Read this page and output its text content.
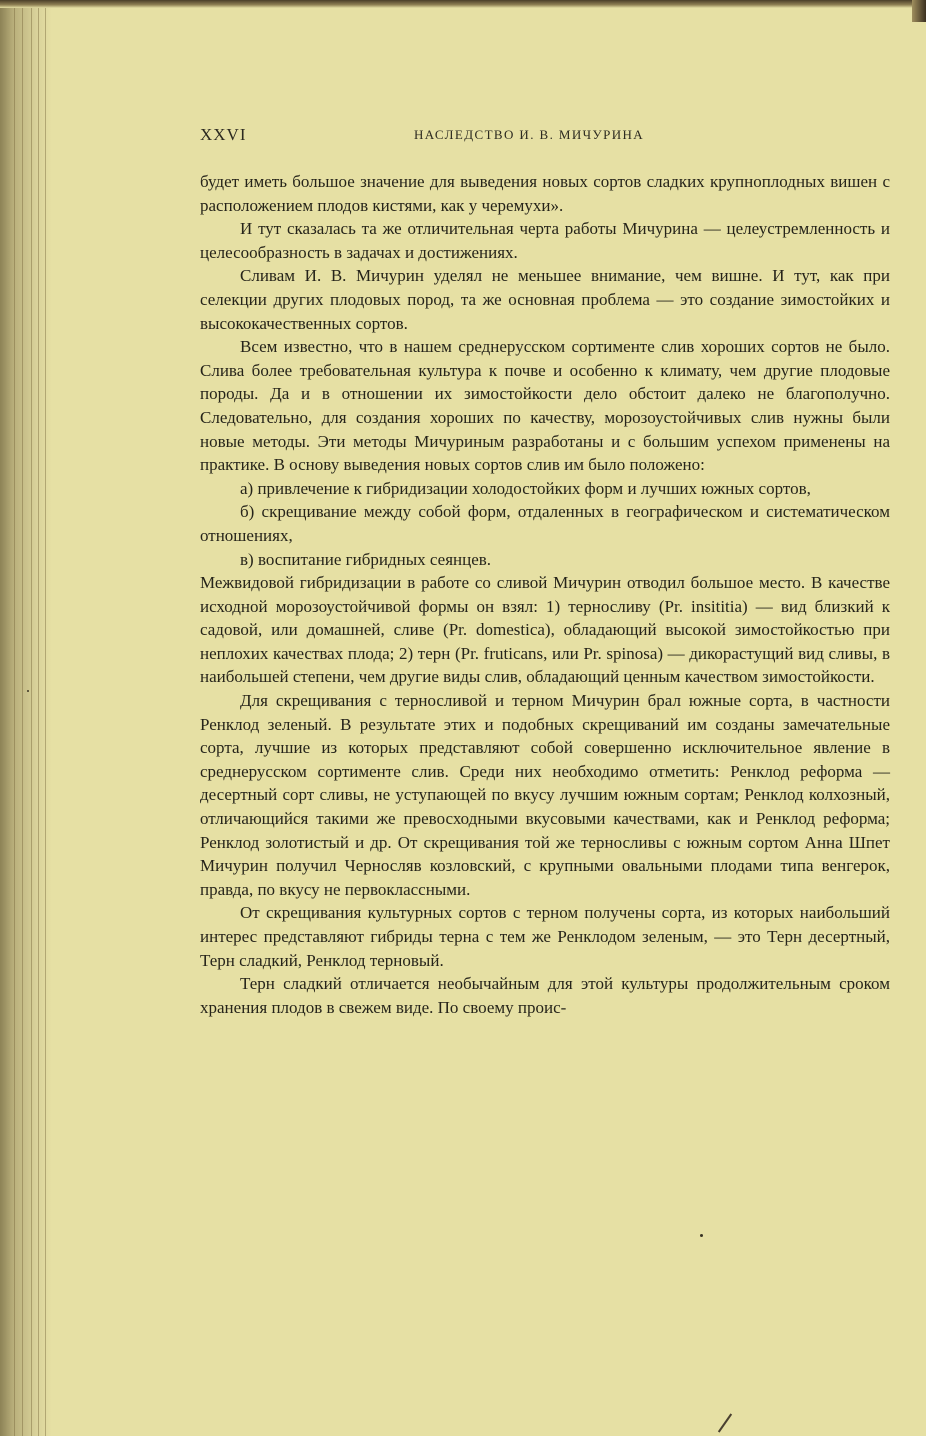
XXVI	НАСЛЕДСТВО И. В. МИЧУРИНА

будет иметь большое значение для выведения новых сортов сладких крупноплодных вишен с расположением плодов кистями, как у черемухи».

И тут сказалась та же отличительная черта работы Мичурина — целеустремленность и целесообразность в задачах и достижениях.

Сливам И. В. Мичурин уделял не меньшее внимание, чем вишне. И тут, как при селекции других плодовых пород, та же основная проблема — это создание зимостойких и высококачественных сортов.

Всем известно, что в нашем среднерусском сортименте слив хороших сортов не было. Слива более требовательная культура к почве и особенно к климату, чем другие плодовые породы. Да и в отношении их зимостойкости дело обстоит далеко не благополучно. Следовательно, для создания хороших по качеству, морозоустойчивых слив нужны были новые методы. Эти методы Мичуриным разработаны и с большим успехом применены на практике. В основу выведения новых сортов слив им было положено:

а) привлечение к гибридизации холодостойких форм и лучших южных сортов,

б) скрещивание между собой форм, отдаленных в географическом и систематическом отношениях,

в) воспитание гибридных сеянцев.

Межвидовой гибридизации в работе со сливой Мичурин отводил большое место. В качестве исходной морозоустойчивой формы он взял: 1) терносливу (Pr. insititia) — вид близкий к садовой, или домашней, сливе (Pr. domestica), обладающий высокой зимостойкостью при неплохих качествах плода; 2) терн (Pr. fruticans, или Pr. spinosa) — дикорастущий вид сливы, в наибольшей степени, чем другие виды слив, обладающий ценным качеством зимостойкости.

Для скрещивания с терносливой и терном Мичурин брал южные сорта, в частности Ренклод зеленый. В результате этих и подобных скрещиваний им созданы замечательные сорта, лучшие из которых представляют собой совершенно исключительное явление в среднерусском сортименте слив. Среди них необходимо отметить: Ренклод реформа — десертный сорт сливы, не уступающей по вкусу лучшим южным сортам; Ренклод колхозный, отличающийся такими же превосходными вкусовыми качествами, как и Ренклод реформа; Ренклод золотистый и др. От скрещивания той же терносливы с южным сортом Анна Шпет Мичурин получил Черносляв козловский, с крупными овальными плодами типа венгерок, правда, по вкусу не первоклассными.

От скрещивания культурных сортов с терном получены сорта, из которых наибольший интерес представляют гибриды терна с тем же Ренклодом зеленым, — это Терн десертный, Терн сладкий, Ренклод терновый.

Терн сладкий отличается необычайным для этой культуры продолжительным сроком хранения плодов в свежем виде. По своему проис-
